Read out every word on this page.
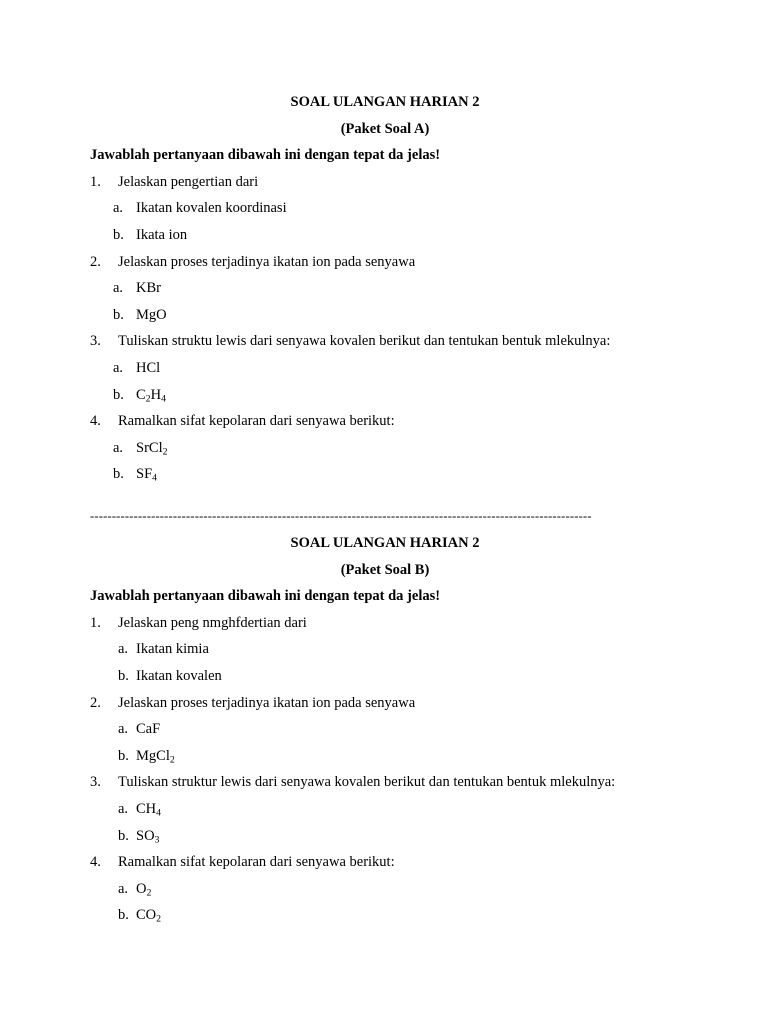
SOAL ULANGAN HARIAN 2
(Paket Soal A)
Jawablah pertanyaan dibawah ini dengan tepat da jelas!
1. Jelaskan pengertian dari
a. Ikatan kovalen koordinasi
b. Ikata ion
2. Jelaskan proses terjadinya ikatan ion pada senyawa
a. KBr
b. MgO
3. Tuliskan struktu lewis dari senyawa kovalen berikut dan tentukan bentuk mlekulnya:
a. HCl
b. $C_2H_4$
4. Ramalkan sifat kepolaran dari senyawa berikut:
a. SrCl$_2$
b. $SF_4$
-------------------------------------------------------------------------------------------------------------------
SOAL ULANGAN HARIAN 2
(Paket Soal B)
Jawablah pertanyaan dibawah ini dengan tepat da jelas!
1. Jelaskan peng nmghfdertian dari
a. Ikatan kimia
b. Ikatan kovalen
2. Jelaskan proses terjadinya ikatan ion pada senyawa
a. CaF
b. MgCl$_2$
3. Tuliskan struktur lewis dari senyawa kovalen berikut dan tentukan bentuk mlekulnya:
a. $CH_4$
b. $SO_3$
4. Ramalkan sifat kepolaran dari senyawa berikut:
a. $O_2$
b. $CO_2$
